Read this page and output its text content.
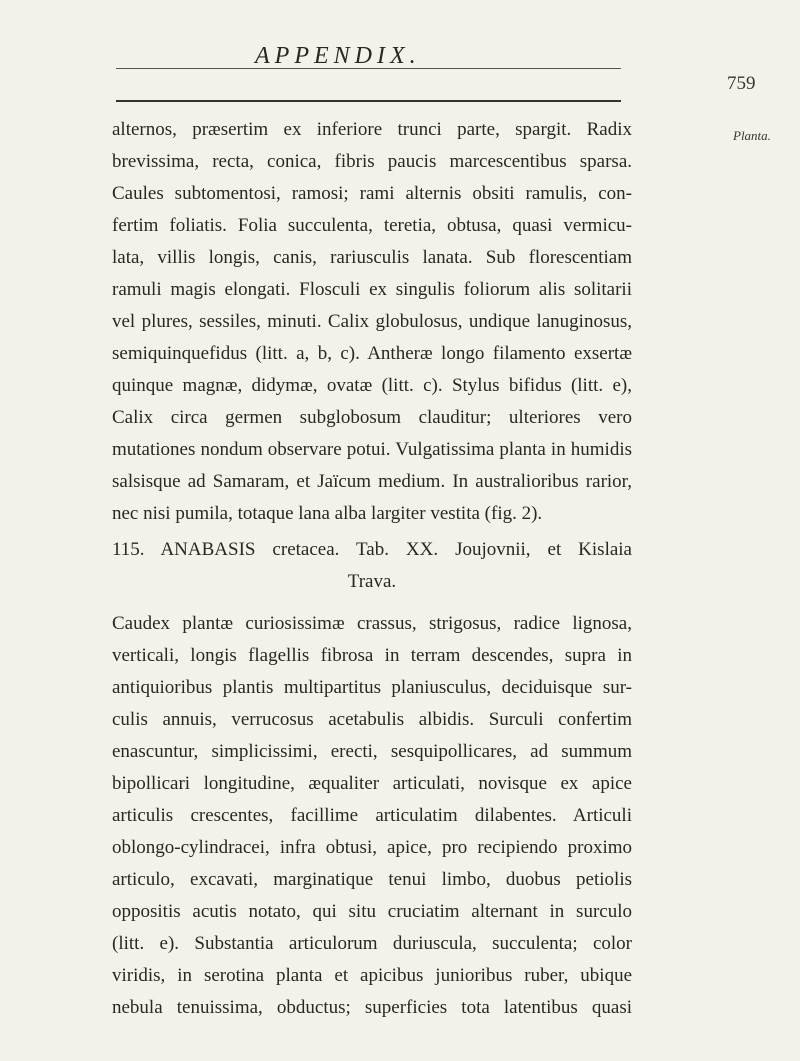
APPENDIX.
759
Planta.
alternos, præsertim ex inferiore trunci parte, spargit. Radix
brevissima, recta, conica, fibris paucis marcescentibus sparsa.
Caules subtomentosi, ramosi; rami alternis obsiti ramulis, con-
fertim foliatis. Folia succulenta, teretia, obtusa, quasi vermicu-
lata, villis longis, canis, rariusculis lanata. Sub florescentiam
ramuli magis elongati. Flosculi ex singulis foliorum alis solitarii
vel plures, sessiles, minuti. Calix globulosus, undique lanuginosus,
semiquinquefidus (litt. a, b, c). Antheræ longo filamento exsertæ
quinque magnæ, didymæ, ovatæ (litt. c). Stylus bifidus (litt. e),
Calix circa germen subglobosum clauditur; ulteriores vero
mutationes nondum observare potui. Vulgatissima planta in humidis
salsisque ad Samaram, et Jaïcum medium. In australioribus rarior,
nec nisi pumila, totaque lana alba largiter vestita (fig. 2).
115. ANABASIS cretacea. Tab. XX. Joujovnii, et Kislaia
Trava.
Caudex plantæ curiosissimæ crassus, strigosus, radice lignosa,
verticali, longis flagellis fibrosa in terram descendes, supra in
antiquioribus plantis multipartitus planiusculus, deciduisque sur-
culis annuis, verrucosus acetabulis albidis. Surculi confertim
enascuntur, simplicissimi, erecti, sesquipollicares, ad summum
bipollicari longitudine, æqualiter articulati, novisque ex apice
articulis crescentes, facillime articulatim dilabentes. Articuli
oblongo-cylindracei, infra obtusi, apice, pro recipiendo proximo
articulo, excavati, marginatique tenui limbo, duobus petiolis
oppositis acutis notato, qui situ cruciatim alternant in surculo
(litt. e). Substantia articulorum duriuscula, succulenta; color
viridis, in serotina planta et apicibus junioribus ruber, ubique
nebula tenuissima, obductus; superficies tota latentibus quasi
